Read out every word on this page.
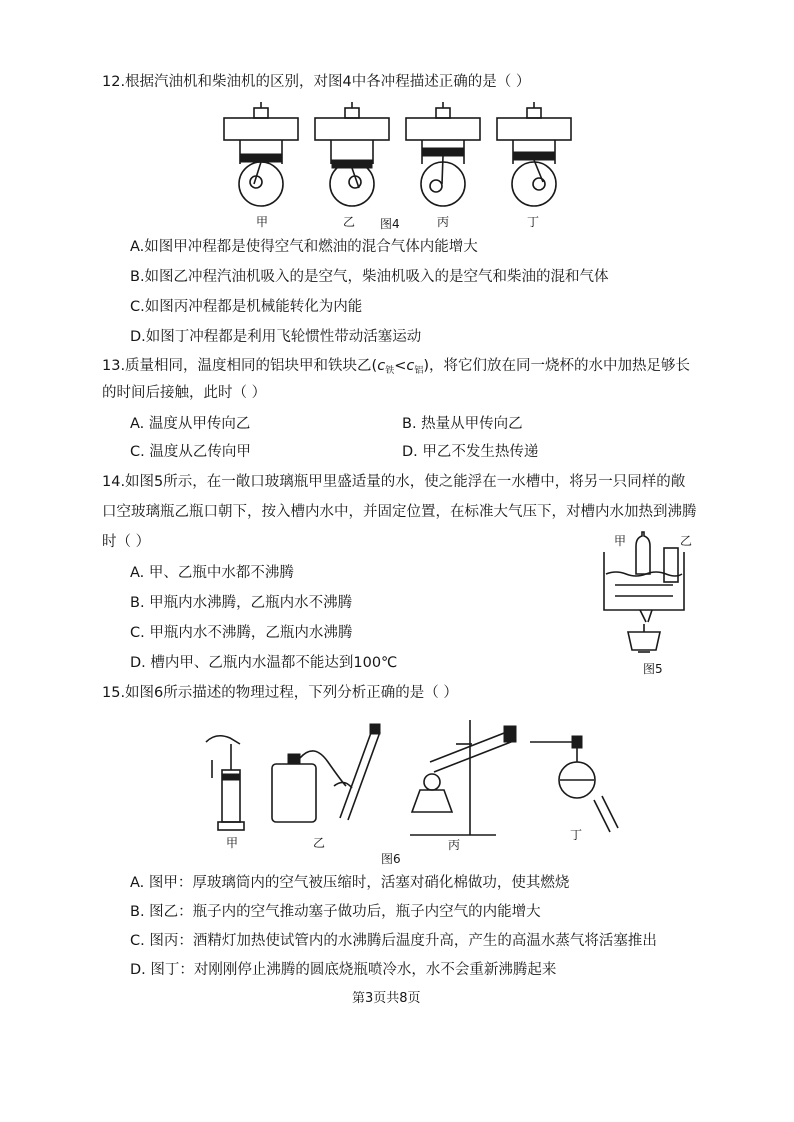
12.根据汽油机和柴油机的区别，对图4中各冲程描述正确的是（ ）
甲	乙 图4	丙	丁
A.如图甲冲程都是使得空气和燃油的混合气体内能增大
B.如图乙冲程汽油机吸入的是空气，柴油机吸入的是空气和柴油的混和气体
C.如图丙冲程都是机械能转化为内能
D.如图丁冲程都是利用飞轮惯性带动活塞运动
13.质量相同，温度相同的铝块甲和铁块乙$(c_铁<c_铝)$，将它们放在同一烧杯的水中加热足够长
的时间后接触，此时（ ）
A. 温度从甲传向乙	B. 热量从甲传向乙
C. 温度从乙传向甲	D. 甲乙不发生热传递
14.如图5所示，在一敞口玻璃瓶甲里盛适量的水，使之能浮在一水槽中，将另一只同样的敞
口空玻璃瓶乙瓶口朝下，按入槽内水中，并固定位置，在标准大气压下，对槽内水加热到沸腾
时（ ）
A. 甲、乙瓶中水都不沸腾
B. 甲瓶内水沸腾，乙瓶内水不沸腾
C. 甲瓶内水不沸腾，乙瓶内水沸腾
D. 槽内甲、乙瓶内水温都不能达到100℃
甲	乙
图5
15.如图6所示描述的物理过程，下列分析正确的是（ ）
甲	乙	丙
丁
图6
A. 图甲：厚玻璃筒内的空气被压缩时，活塞对硝化棉做功，使其燃烧
B. 图乙：瓶子内的空气推动塞子做功后，瓶子内空气的内能增大
C. 图丙：酒精灯加热使试管内的水沸腾后温度升高，产生的高温水蒸气将活塞推出
D. 图丁：对刚刚停止沸腾的圆底烧瓶喷冷水，水不会重新沸腾起来
第3页共8页
